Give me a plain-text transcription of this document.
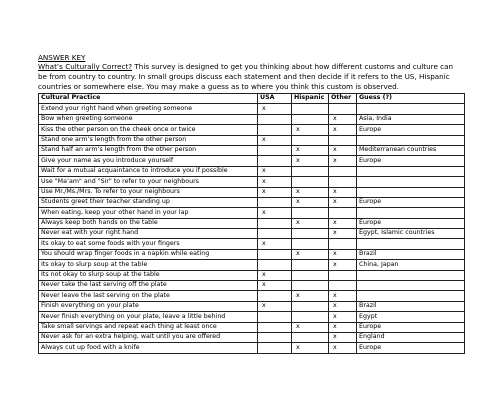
ANSWER KEY

What’s Culturally Correct? This survey is designed to get you thinking about how different customs and culture can be from country to country. In small groups discuss each statement and then decide if it refers to the US, Hispanic countries or somewhere else. You may make a guess as to where you think this custom is observed.

Cultural Practice	USA	Hispanic	Other	Guess (?)
Extend your right hand when greeting someone	x			
Bow when greeting someone			x	Asia, India
Kiss the other person on the cheek once or twice		x	x	Europe
Stand one arm’s length from the other person	x			
Stand half an arm’s length from the other person		x	x	Mediterranean countries
Give your name as you introduce yourself		x	x	Europe
Wait for a mutual acquaintance to introduce you if possible	x			
Use "Ma’am" and "Sir" to refer to your neighbours	x			
Use Mr./Ms./Mrs. To refer to your neighbours	x	x	x	
Students greet their teacher standing up		x	x	Europe
When eating, keep your other hand in your lap	x			
Always keep both hands on the table		x	x	Europe
Never eat with your right hand			x	Egypt, Islamic countries
Its okay to eat some foods with your fingers	x			
You should wrap finger foods in a napkin while eating		x	x	Brazil
Its okay to slurp soup at the table			x	China, Japan
Its not okay to slurp soup at the table	x			
Never take the last serving off the plate	x			
Never leave the last serving on the plate		x	x	
Finish everything on your plate	x		x	Brazil
Never finish everything on your plate, leave a little behind			x	Egypt
Take small servings and repeat each thing at least once		x	x	Europe
Never ask for an extra helping, wait until you are offered			x	England
Always cut up food with a knife		x	x	Europe
